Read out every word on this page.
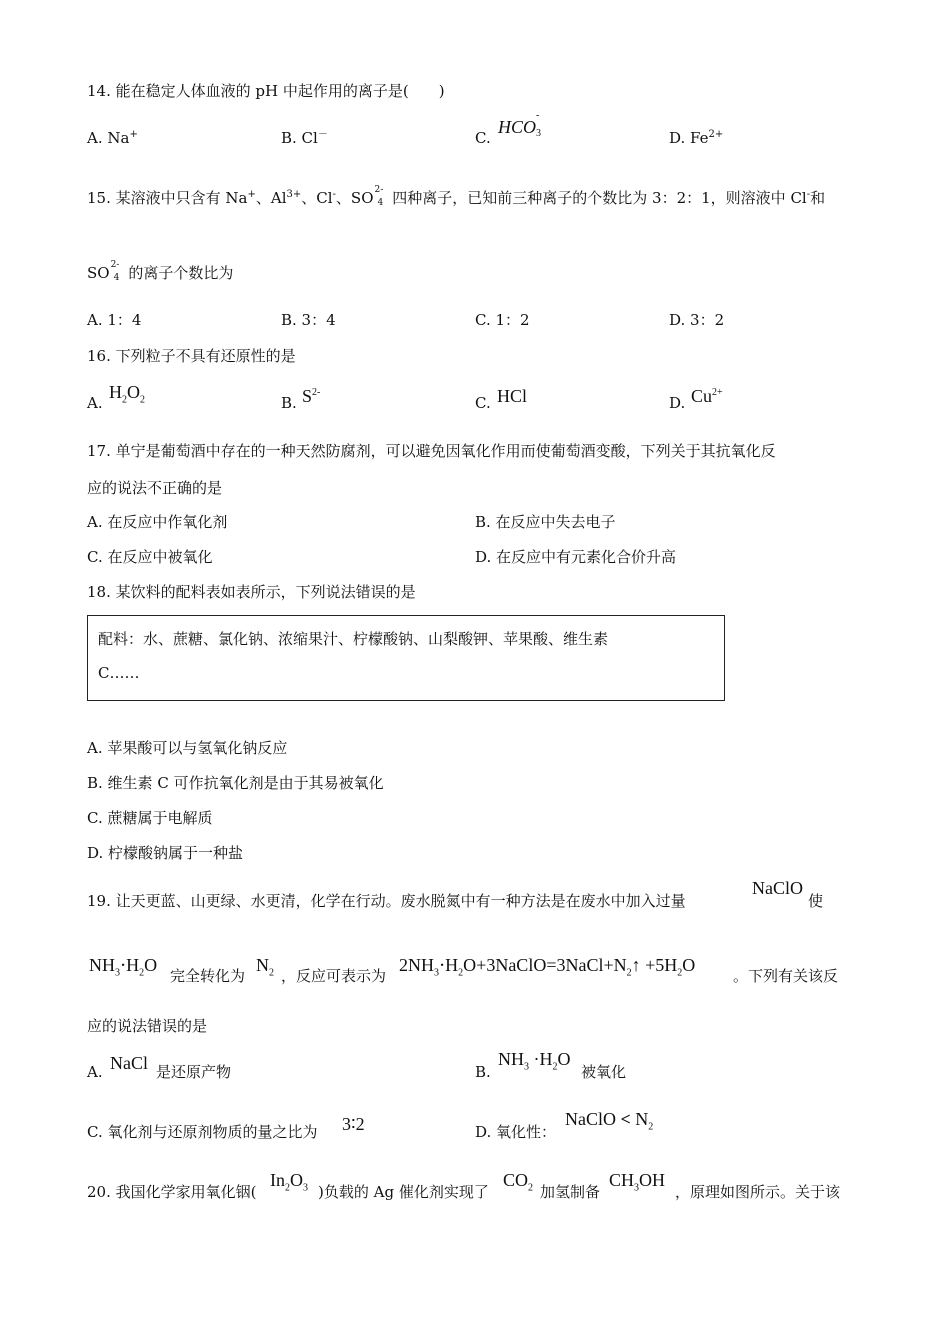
14. 能在稳定人体血液的 pH 中起作用的离子是(　　)
A. Na+	B. Cl－	C.
HCO
-
3	D. $Fe^{2+}$
15. 某溶液中只含有 Na+、$Al^{3+}$、Cl-、SO 2-
4 四种离子，已知前三种离子的个数比为 3：2：1，则溶液中 Cl-和
SO 2-
4 的离子个数比为
A. 1：4	B. 3：4	C. 1：2	D. 3：2
16. 下列粒子不具有还原性的是
A.
$H_2O_2$	B. $S^{2-}$
C. HCl	D. $Cu^{2+}$
17. 单宁是葡萄酒中存在的一种天然防腐剂，可以避免因氧化作用而使葡萄酒变酸，下列关于其抗氧化反
应的说法不正确的是
A. 在反应中作氧化剂	B. 在反应中失去电子
C. 在反应中被氧化	D. 在反应中有元素化合价升高
18. 某饮料的配料表如表所示，下列说法错误的是
配料：水、蔗糖、氯化钠、浓缩果汁、柠檬酸钠、山梨酸钾、苹果酸、维生素
C……
A. 苹果酸可以与氢氧化钠反应
B. 维生素 C 可作抗氧化剂是由于其易被氧化
C. 蔗糖属于电解质
D. 柠檬酸钠属于一种盐
19. 让天更蓝、山更绿、水更清，化学在行动。废水脱氮中有一种方法是在废水中加入过量
NaClO
使
$NH_3\cdot H_2O$
完全转化为
$N_2$ ，反应可表示为
$2NH_3\cdot H_2O+3NaClO=3NaCl+N_2↑ +5H_2O$
。下列有关该反
应的说法错误的是
A. NaCl 是还原产物	B.
$NH_3 \cdot H_2O$
被氧化
C. 氧化剂与还原剂物质的量之比为 3∶2	D. 氧化性：
NaClO < $N_2$
20. 我国化学家用氧化铟(
$In_2O_3$ )负载的 Ag 催化剂实现了
$CO_2$ 加氢制备
$CH_3OH$
，原理如图所示。关于该
